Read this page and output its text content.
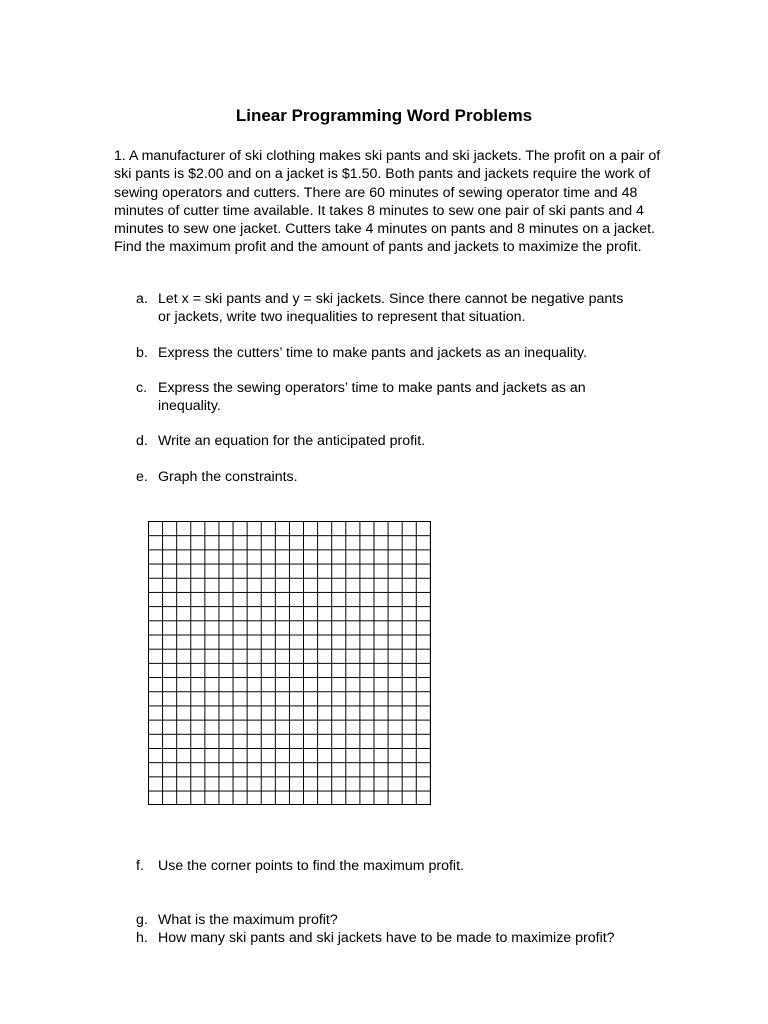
Linear Programming Word Problems

1. A manufacturer of ski clothing makes ski pants and ski jackets. The profit on a pair of ski pants is $2.00 and on a jacket is $1.50. Both pants and jackets require the work of sewing operators and cutters. There are 60 minutes of sewing operator time and 48 minutes of cutter time available. It takes 8 minutes to sew one pair of ski pants and 4 minutes to sew one jacket. Cutters take 4 minutes on pants and 8 minutes on a jacket. Find the maximum profit and the amount of pants and jackets to maximize the profit.

a. Let x = ski pants and y = ski jackets. Since there cannot be negative pants or jackets, write two inequalities to represent that situation.
b. Express the cutters’ time to make pants and jackets as an inequality.
c. Express the sewing operators’ time to make pants and jackets as an inequality.
d. Write an equation for the anticipated profit.
e. Graph the constraints.
f. Use the corner points to find the maximum profit.
g. What is the maximum profit?
h. How many ski pants and ski jackets have to be made to maximize profit?
